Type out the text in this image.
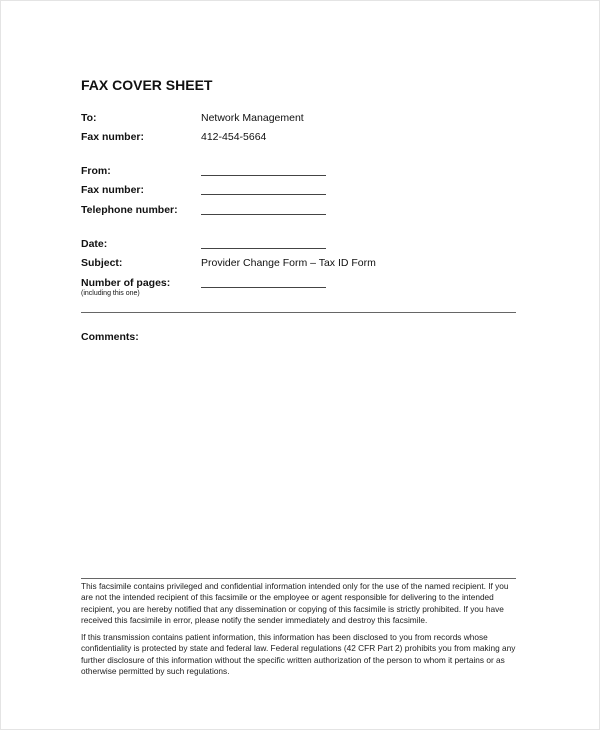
FAX COVER SHEET
To:	Network Management
Fax number:	412-454-5664
From:
Fax number:
Telephone number:
Date:
Subject:	Provider Change Form – Tax ID Form
Number of pages:
(including this one)
Comments:

This facsimile contains privileged and confidential information intended only for the use of the named recipient. If you are not the intended recipient of this facsimile or the employee or agent responsible for delivering to the intended recipient, you are hereby notified that any dissemination or copying of this facsimile is strictly prohibited. If you have received this facsimile in error, please notify the sender immediately and destroy this facsimile.

If this transmission contains patient information, this information has been disclosed to you from records whose confidentiality is protected by state and federal law. Federal regulations (42 CFR Part 2) prohibits you from making any further disclosure of this information without the specific written authorization of the person to whom it pertains or as otherwise permitted by such regulations.
